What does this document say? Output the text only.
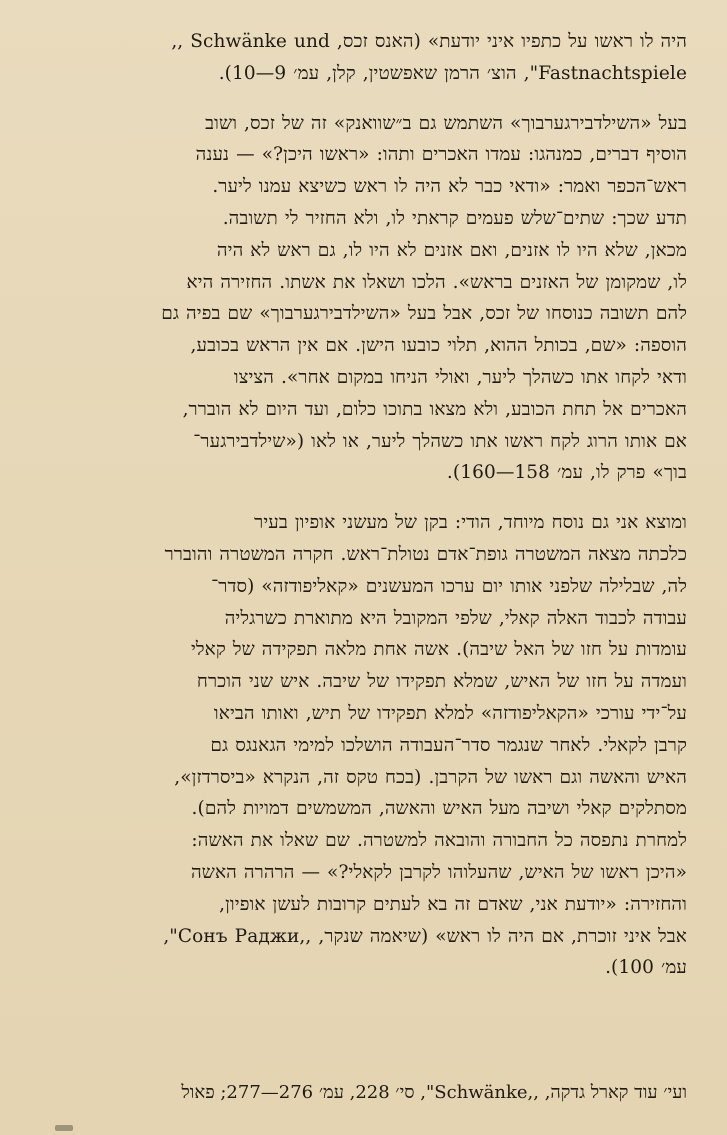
היה לו ראשו על כתפיו איני יודעת» (האנס זכס, Schwänke und ,,
Fastnachtspiele", הוצ׳ הרמן שאפשטין, קלן, עמ׳ 9—10).
בעל «השילדבירגערבוך» השתמש גם ב״שוואנק» זה של זכס, ושוב
הוסיף דברים, כמנהגו: עמדו האכרים ותהו: «ראשו היכן?» — נענה
ראש־הכפר ואמר: «ודאי כבר לא היה לו ראש כשיצא עמנו ליער.
תדע שכך: שתים־שלש פעמים קראתי לו, ולא החזיר לי תשובה.
מכאן, שלא היו לו אזנים, ואם אזנים לא היו לו, גם ראש לא היה
לו, שמקומן של האזנים בראש». הלכו ושאלו את אשתו. החזירה היא
להם תשובה כנוסחו של זכס, אבל בעל «השילדבירגערבוך» שם בפיה גם
הוספה: «שם, בכותל ההוא, תלוי כובעו הישן. אם אין הראש בכובע,
ודאי לקחו אתו כשהלך ליער, ואולי הניחו במקום אחר». הציצו
האכרים אל תחת הכובע, ולא מצאו בתוכו כלום, ועד היום לא הוברר,
אם אותו הרוג לקח ראשו אתו כשהלך ליער, או לאו («שילדבירגער־
בוך» פרק לו, עמ׳ 158—160).
ומוצא אני גם נוסח מיוחד, הודי: בקן של מעשני אופיון בעיר
כלכתה מצאה המשטרה גופת־אדם נטולת־ראש. חקרה המשטרה והוברר
לה, שבלילה שלפני אותו יום ערכו המעשנים «קאליפודזה» (סדר־
עבודה לכבוד האלה קאלי, שלפי המקובל היא מתוארת כשרגליה
עומדות על חזו של האל שיבה). אשה אחת מלאה תפקידה של קאלי
ועמדה על חזו של האיש, שמלא תפקידו של שיבה. איש שני הוכרח
על־ידי עורכי «הקאליפודזה» למלא תפקידו של תיש, ואותו הביאו
קרבן לקאלי. לאחר שנגמר סדר־העבודה הושלכו למימי הגאנגס גם
האיש והאשה וגם ראשו של הקרבן. (בכח טקס זה, הנקרא «ביסרדזן»,
מסתלקים קאלי ושיבה מעל האיש והאשה, המשמשים דמויות להם).
למחרת נתפסה כל החבורה והובאה למשטרה. שם שאלו את האשה:
«היכן ראשו של האיש, שהעלוהו לקרבן לקאלי?» — הרהרה האשה
והחזירה: «יודעת אני, שאדם זה בא לעתים קרובות לעשן אופיון,
אבל איני זוכרת, אם היה לו ראש» (שיאמה שנקר, ,,Сонъ Раджи",
עמ׳ 100).
ועי׳ עוד קארל גדקה, ,,Schwänke", סי׳ 228, עמ׳ 276—277; פאול
